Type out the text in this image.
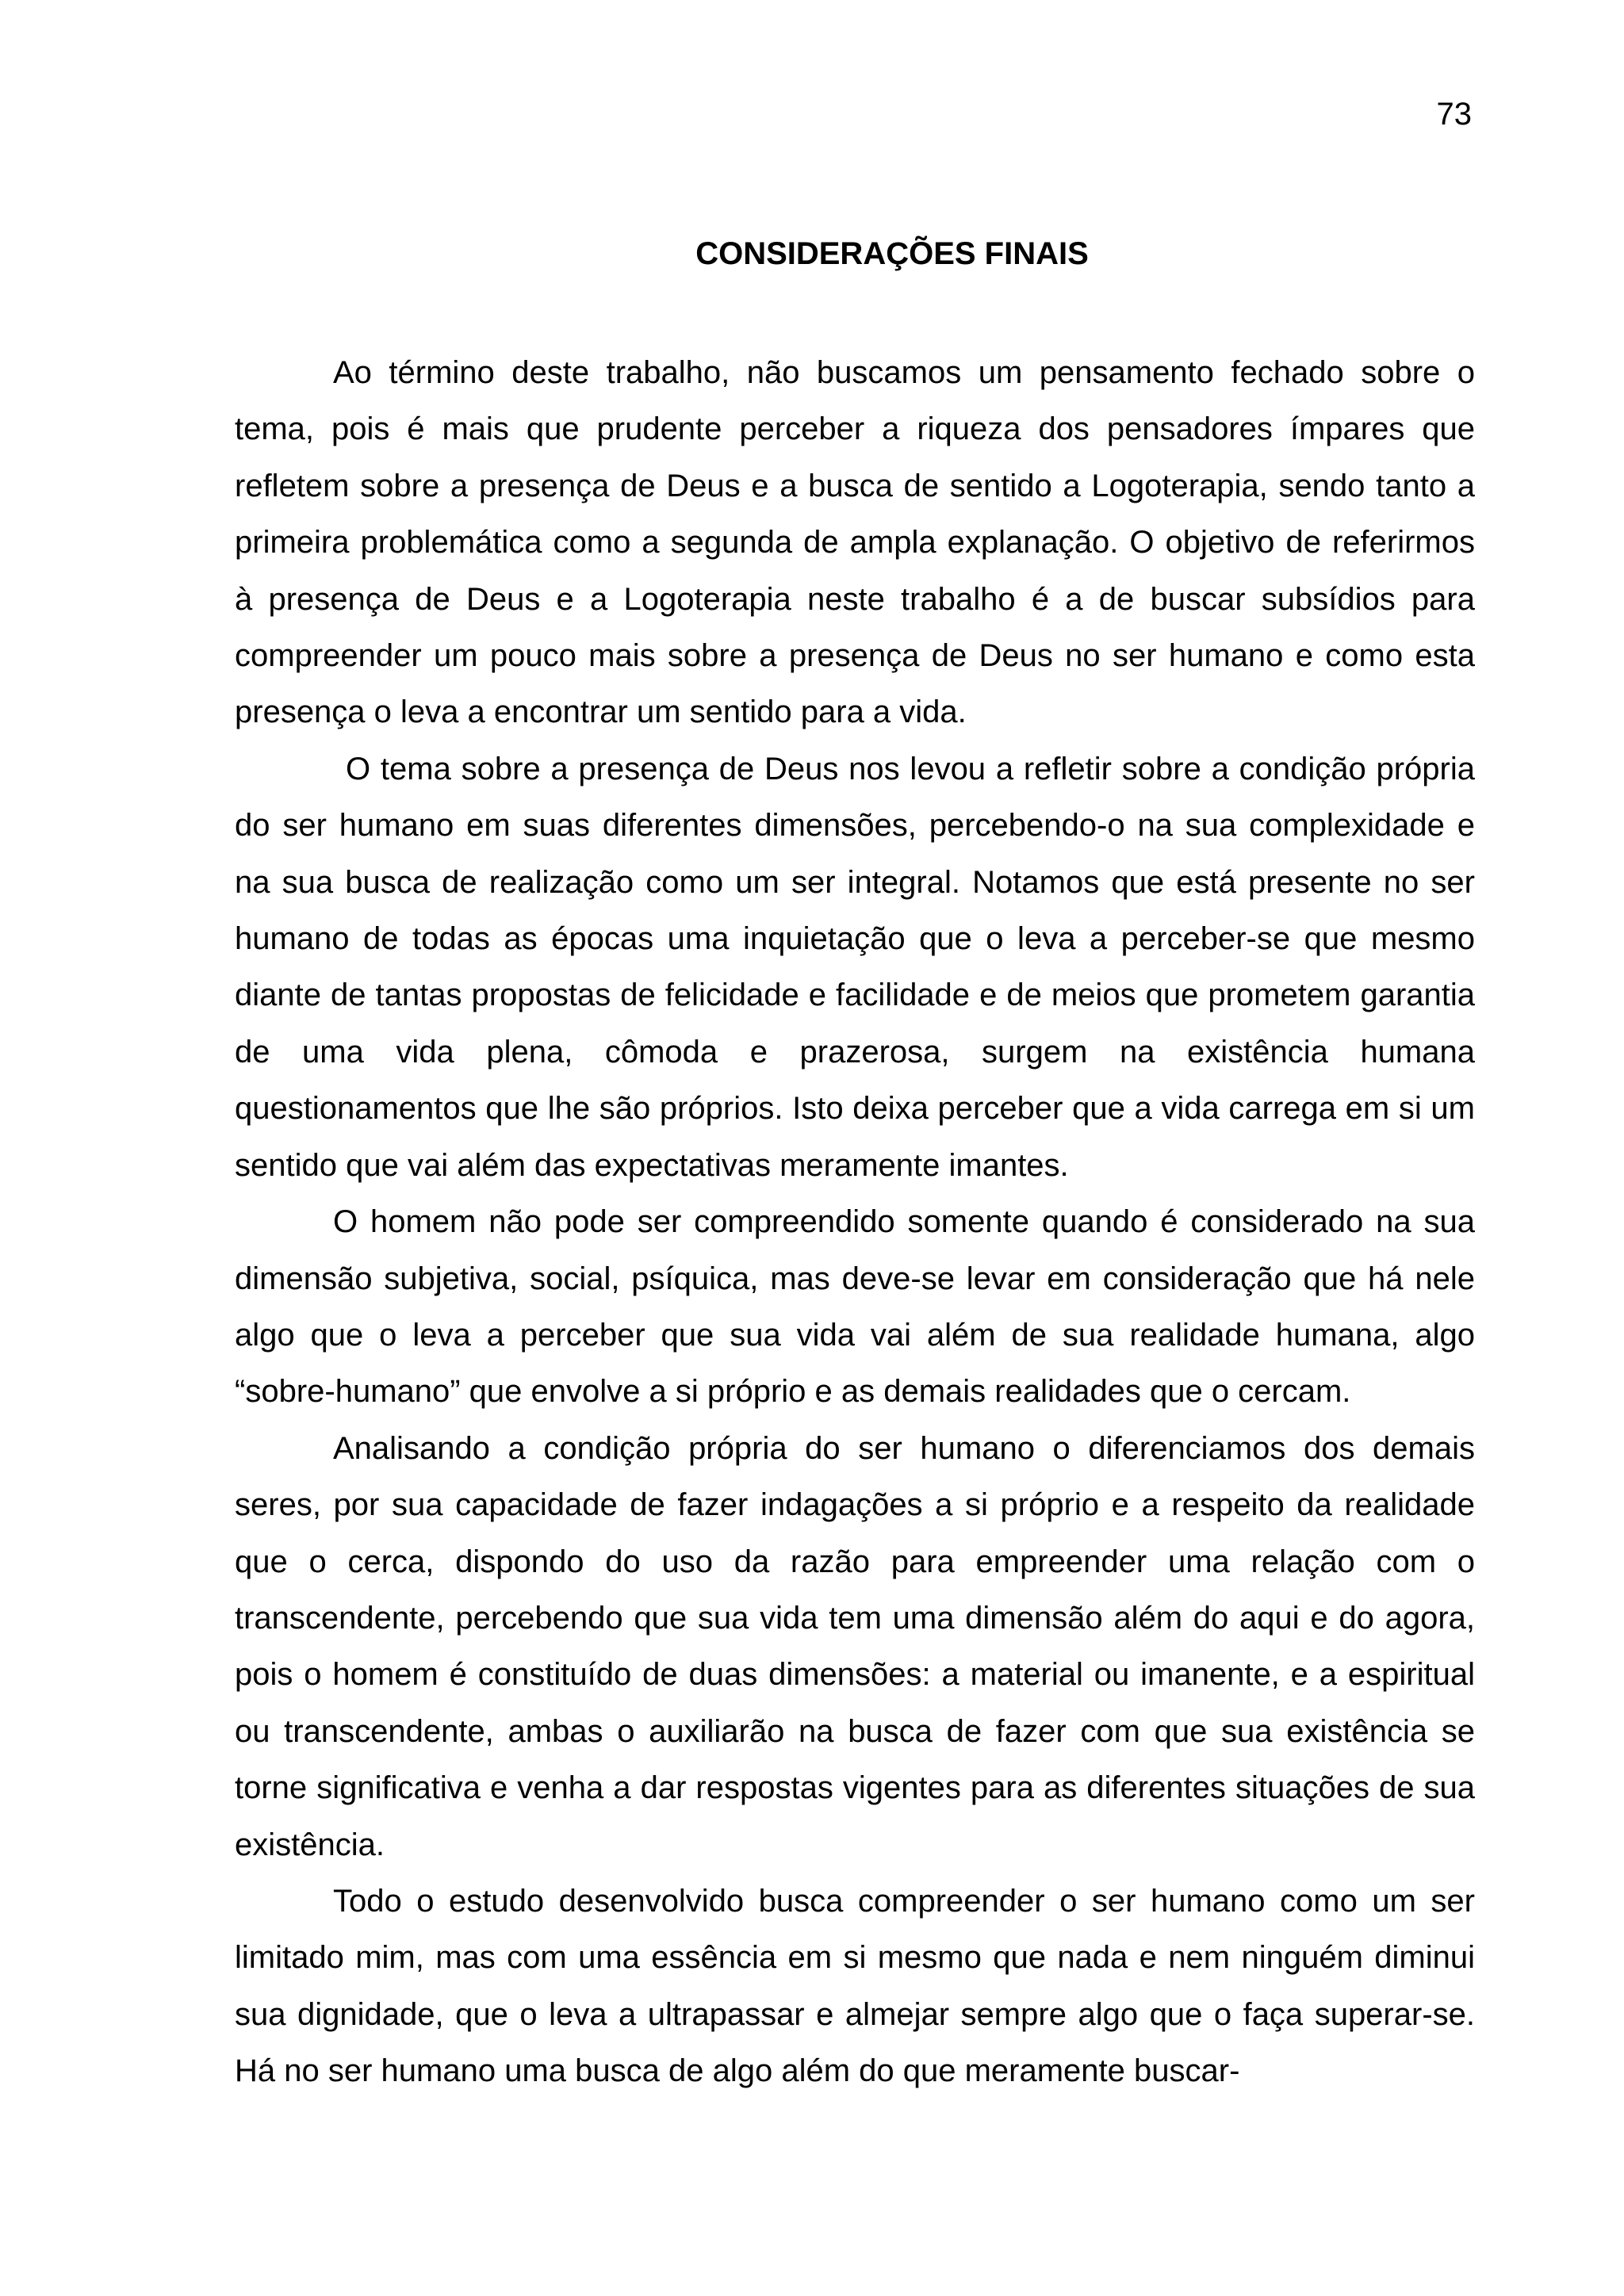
73
CONSIDERAÇÕES FINAIS

Ao término deste trabalho, não buscamos um pensamento fechado sobre o tema, pois é mais que prudente perceber a riqueza dos pensadores ímpares que refletem sobre a presença de Deus e a busca de sentido a Logoterapia, sendo tanto a primeira problemática como a segunda de ampla explanação. O objetivo de referirmos à presença de Deus e a Logoterapia neste trabalho é a de buscar subsídios para compreender um pouco mais sobre a presença de Deus no ser humano e como esta presença o leva a encontrar um sentido para a vida.

O tema sobre a presença de Deus nos levou a refletir sobre a condição própria do ser humano em suas diferentes dimensões, percebendo-o na sua complexidade e na sua busca de realização como um ser integral. Notamos que está presente no ser humano de todas as épocas uma inquietação que o leva a perceber-se que mesmo diante de tantas propostas de felicidade e facilidade e de meios que prometem garantia de uma vida plena, cômoda e prazerosa, surgem na existência humana questionamentos que lhe são próprios. Isto deixa perceber que a vida carrega em si um sentido que vai além das expectativas meramente imantes.

O homem não pode ser compreendido somente quando é considerado na sua dimensão subjetiva, social, psíquica, mas deve-se levar em consideração que há nele algo que o leva a perceber que sua vida vai além de sua realidade humana, algo “sobre-humano” que envolve a si próprio e as demais realidades que o cercam.

Analisando a condição própria do ser humano o diferenciamos dos demais seres, por sua capacidade de fazer indagações a si próprio e a respeito da realidade que o cerca, dispondo do uso da razão para empreender uma relação com o transcendente, percebendo que sua vida tem uma dimensão além do aqui e do agora, pois o homem é constituído de duas dimensões: a material ou imanente, e a espiritual ou transcendente, ambas o auxiliarão na busca de fazer com que sua existência se torne significativa e venha a dar respostas vigentes para as diferentes situações de sua existência.

Todo o estudo desenvolvido busca compreender o ser humano como um ser limitado mim, mas com uma essência em si mesmo que nada e nem ninguém diminui sua dignidade, que o leva a ultrapassar e almejar sempre algo que o faça superar-se. Há no ser humano uma busca de algo além do que meramente buscar-
